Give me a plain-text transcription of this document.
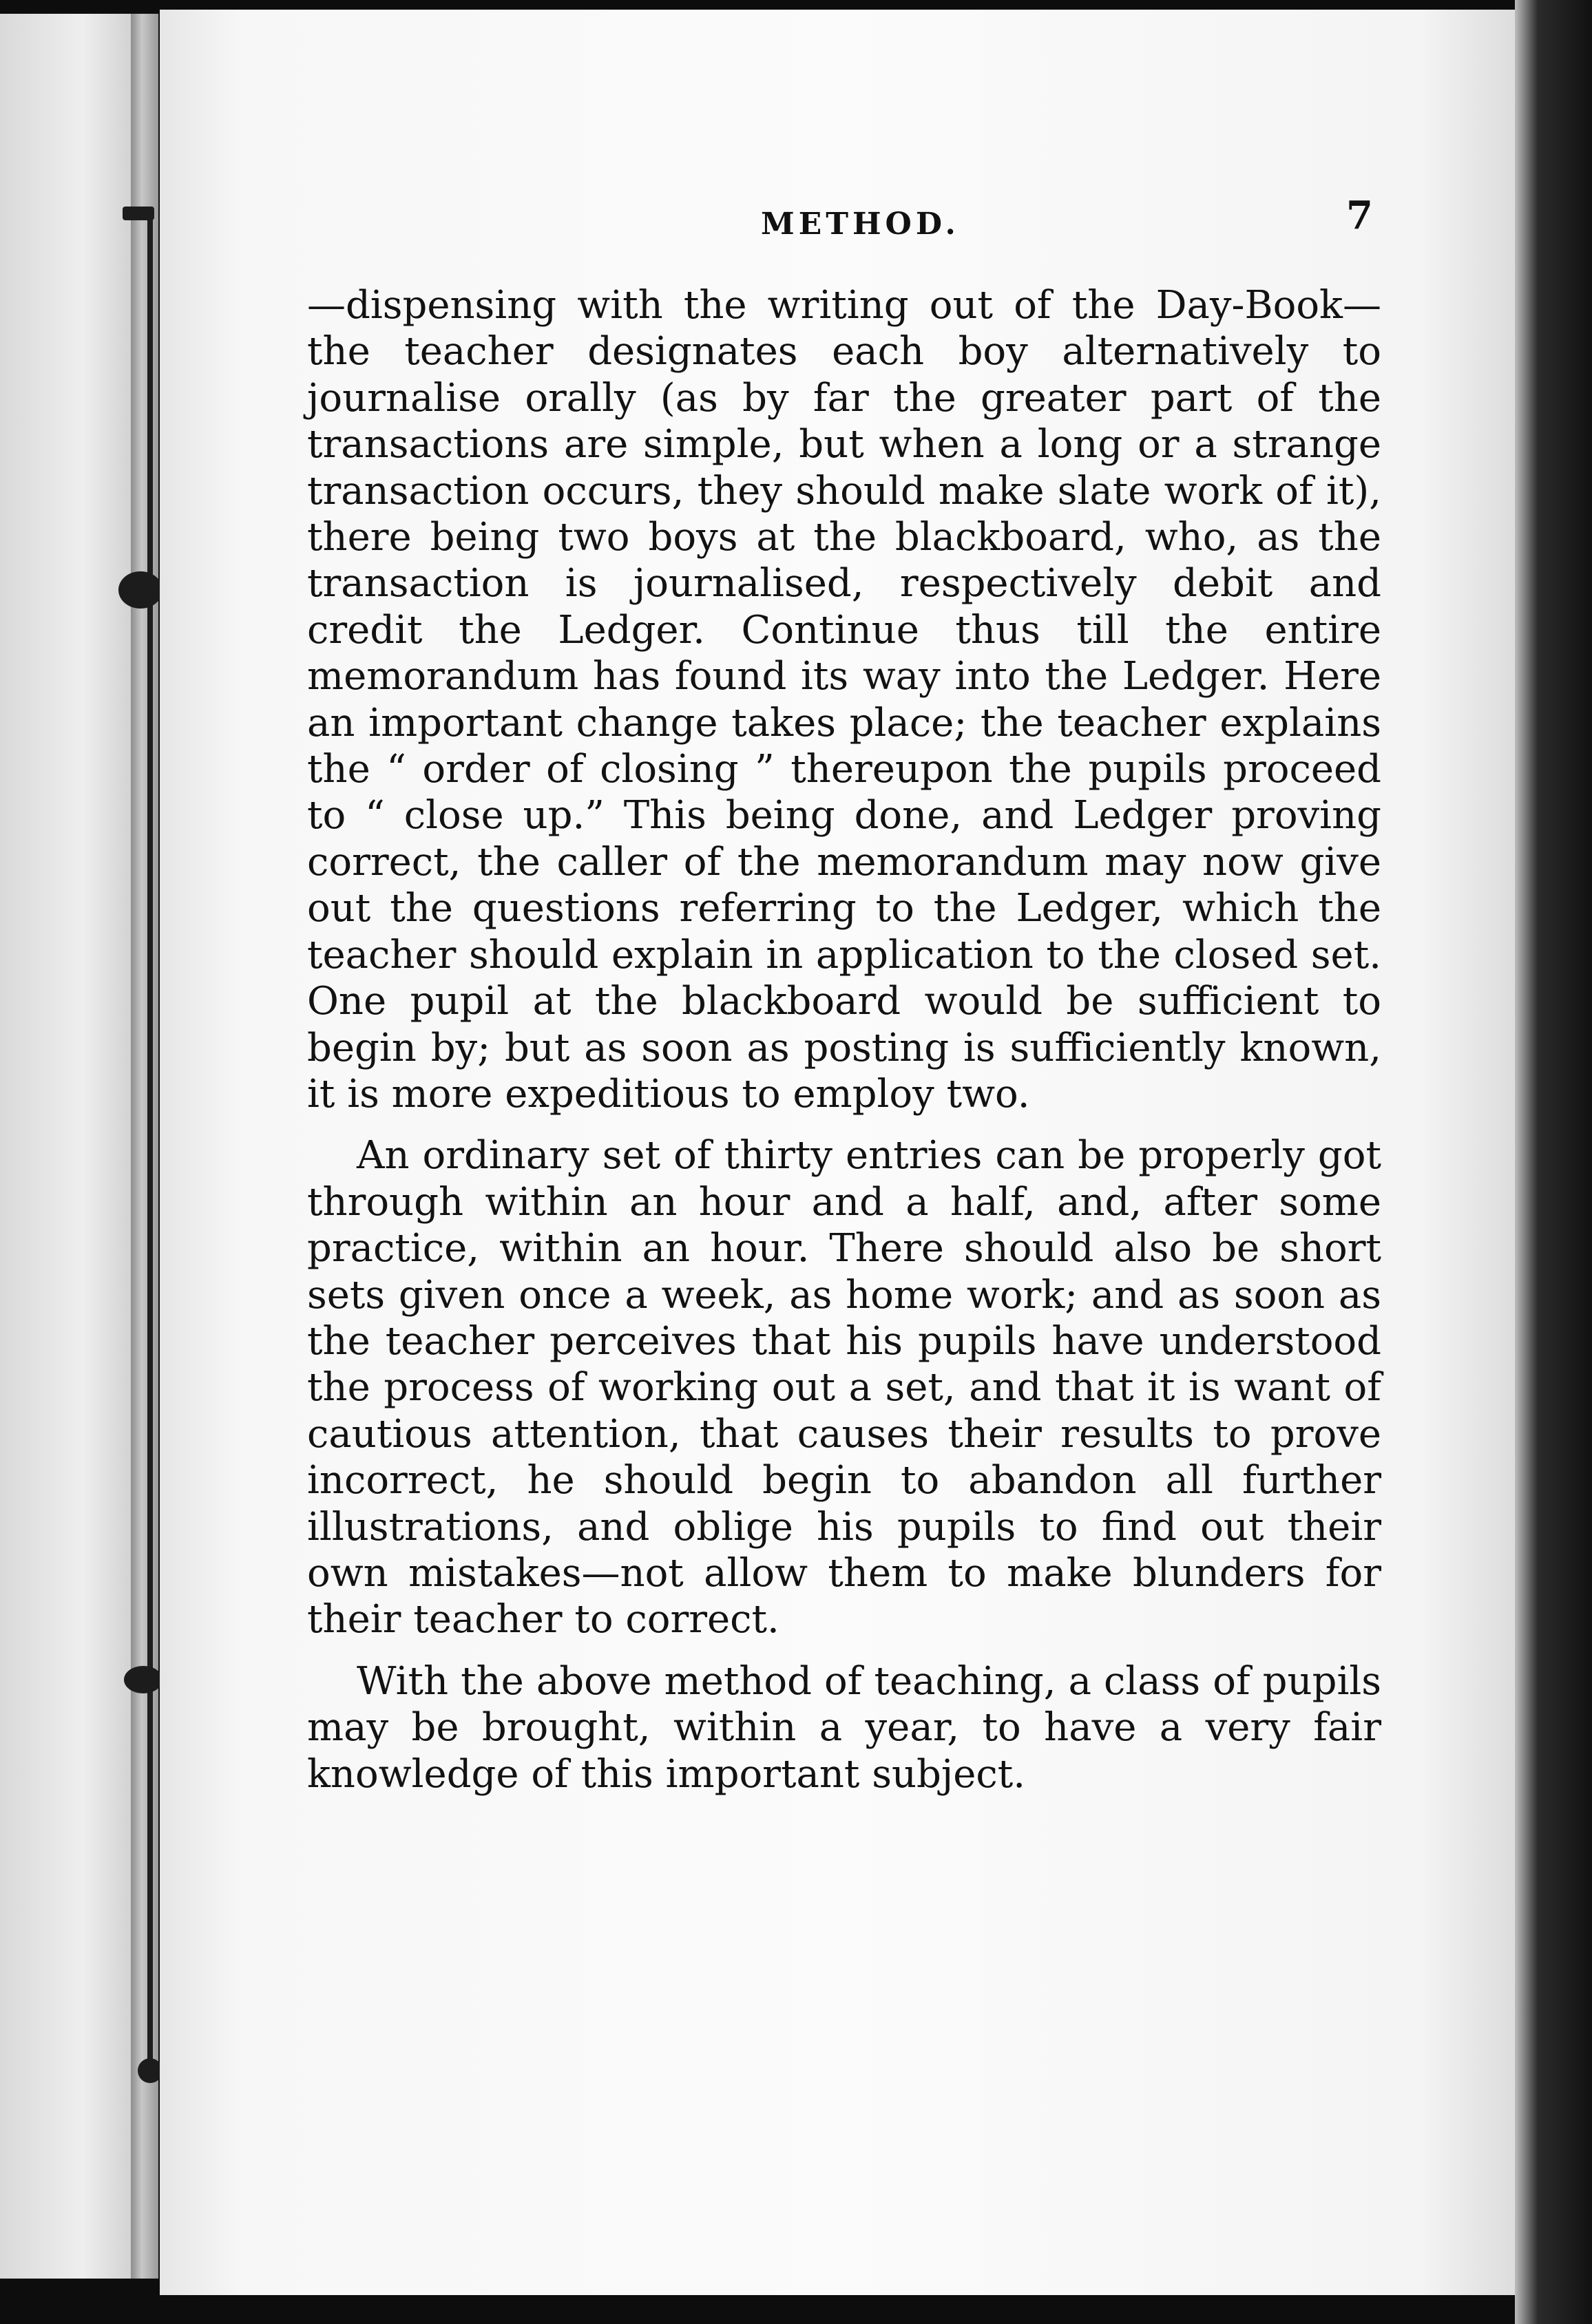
METHOD.	7

—dispensing with the writing out of the Day-Book—the teacher designates each boy alternatively to journalise orally (as by far the greater part of the transactions are simple, but when a long or a strange transaction occurs, they should make slate work of it), there being two boys at the blackboard, who, as the transaction is journalised, respectively debit and credit the Ledger. Continue thus till the entire memorandum has found its way into the Ledger. Here an important change takes place; the teacher explains the “ order of closing ” thereupon the pupils proceed to “ close up.” This being done, and Ledger proving correct, the caller of the memorandum may now give out the questions referring to the Ledger, which the teacher should explain in application to the closed set. One pupil at the blackboard would be sufficient to begin by; but as soon as posting is sufficiently known, it is more expeditious to employ two.

An ordinary set of thirty entries can be properly got through within an hour and a half, and, after some practice, within an hour. There should also be short sets given once a week, as home work; and as soon as the teacher perceives that his pupils have understood the process of working out a set, and that it is want of cautious attention, that causes their results to prove incorrect, he should begin to abandon all further illustrations, and oblige his pupils to find out their own mistakes—not allow them to make blunders for their teacher to correct.

With the above method of teaching, a class of pupils may be brought, within a year, to have a very fair knowledge of this important subject.
